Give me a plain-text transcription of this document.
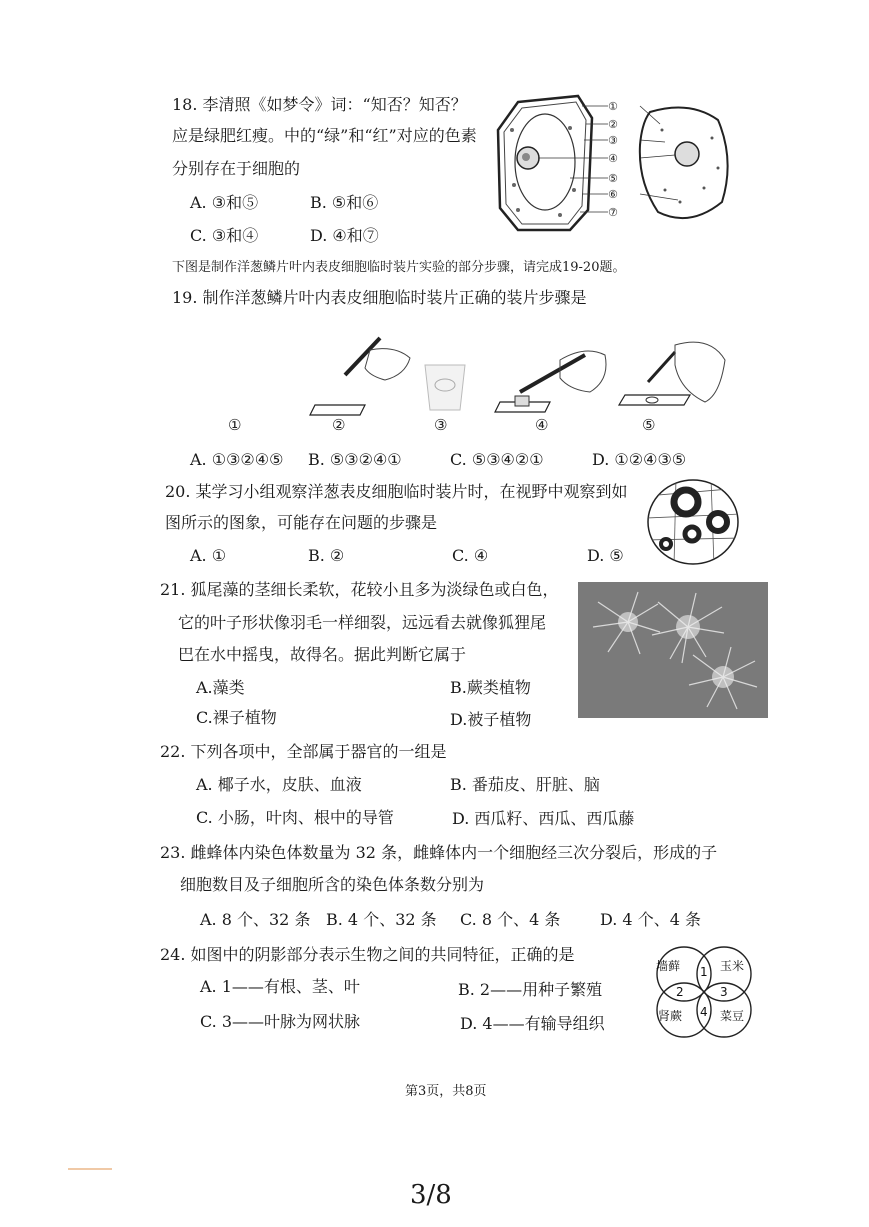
18. 李清照《如梦令》词：“知否？知否？
应是绿肥红瘦。中的“绿”和“红”对应的色素
分别存在于细胞的
A. ③和⑤	B. ⑤和⑥
C. ③和④	D. ④和⑦
①
②
③
④
⑤
⑥
⑦
下图是制作洋葱鳞片叶内表皮细胞临时装片实验的部分步骤，请完成19-20题。
19. 制作洋葱鳞片叶内表皮细胞临时装片正确的装片步骤是
①	②	③	④	⑤
A. ①③②④⑤ B. ⑤③②④①	C. ⑤③④②①	D. ①②④③⑤
20. 某学习小组观察洋葱表皮细胞临时装片时，在视野中观察到如
图所示的图象，可能存在问题的步骤是
A. ①	B. ②	C. ④	D. ⑤
21. 狐尾藻的茎细长柔软，花较小且多为淡绿色或白色，
它的叶子形状像羽毛一样细裂，远远看去就像狐狸尾
巴在水中摇曳，故得名。据此判断它属于
A.藻类	B.蕨类植物
C.裸子植物	D.被子植物
22. 下列各项中，全部属于器官的一组是
A. 椰子水，皮肤、血液	B. 番茄皮、肝脏、脑
C. 小肠，叶肉、根中的导管	D. 西瓜籽、西瓜、西瓜藤
23. 雌蜂体内染色体数量为 32 条，雌蜂体内一个细胞经三次分裂后，形成的子
细胞数目及子细胞所含的染色体条数分别为
A. 8 个、32 条 B. 4 个、32 条 C. 8 个、4 条 D. 4 个、4 条
24. 如图中的阴影部分表示生物之间的共同特征，正确的是
A. 1——有根、茎、叶	B. 2——用种子繁殖
C. 3——叶脉为网状脉	D. 4——有输导组织
墙藓	玉米
肾蕨	菜豆
1
2	3
4
第3页，共8页
3/8
